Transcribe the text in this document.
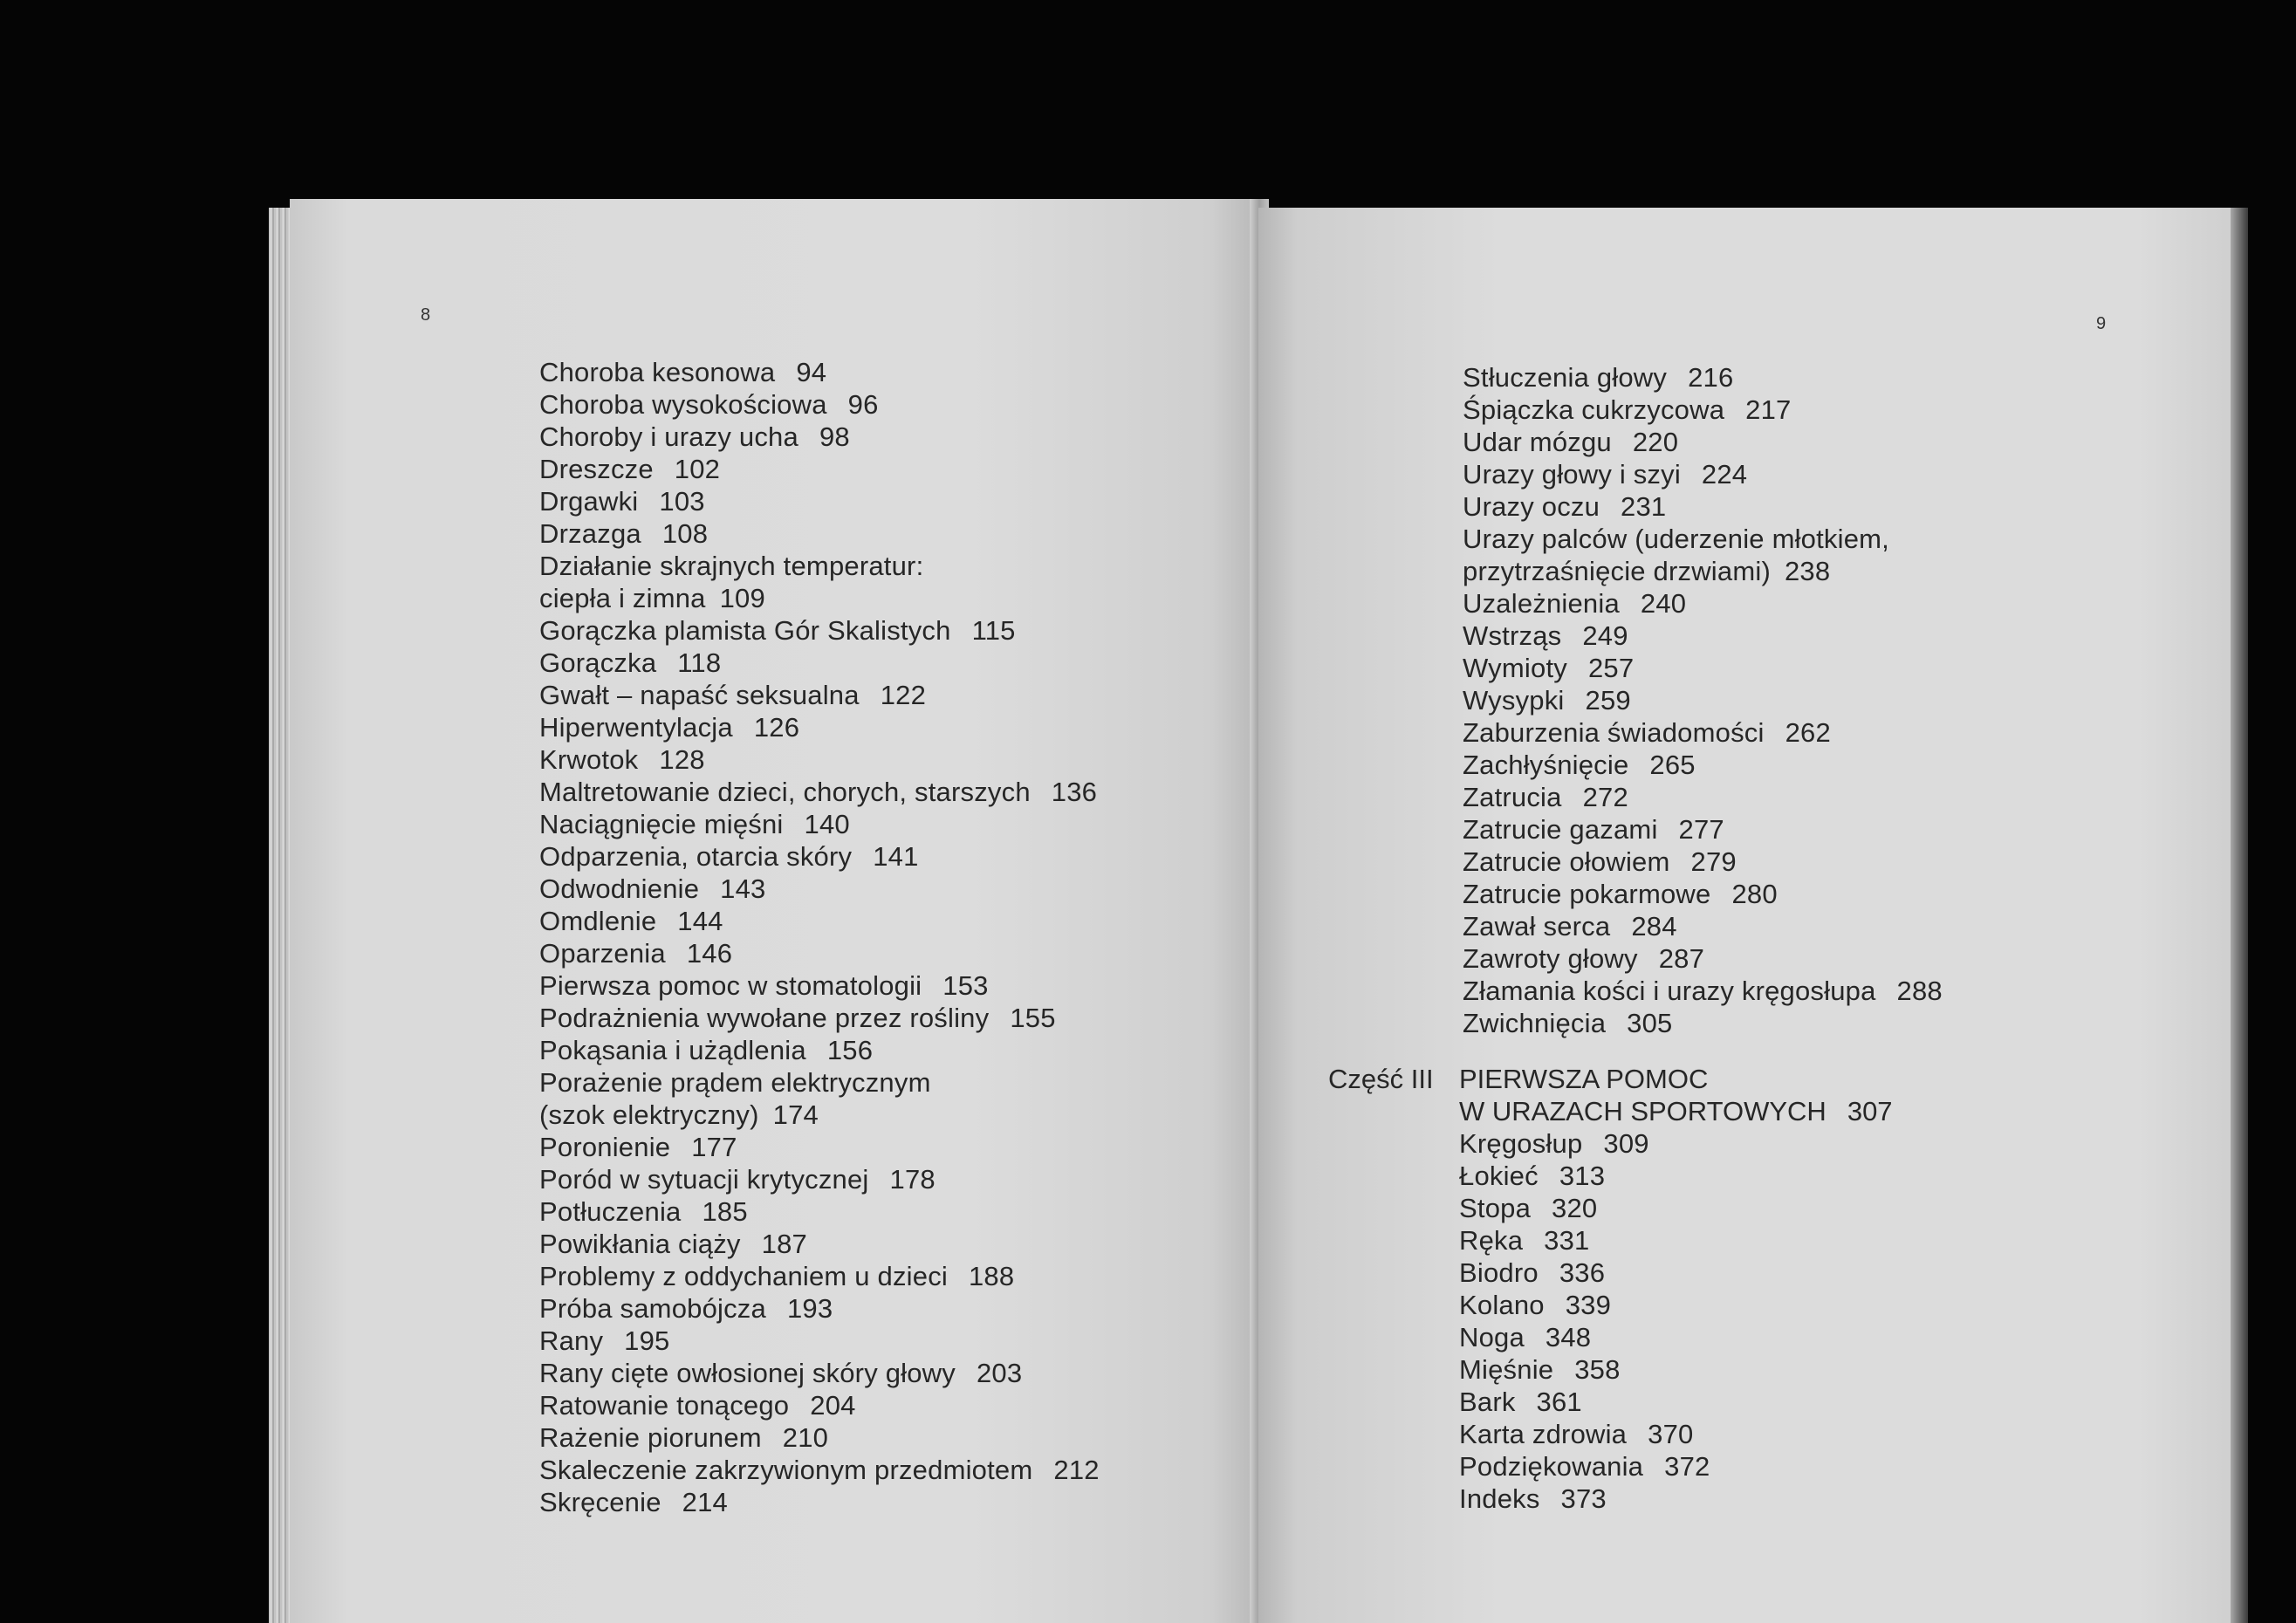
8
Choroba kesonowa 94
Choroba wysokościowa 96
Choroby i urazy ucha 98
Dreszcze 102
Drgawki 103
Drzazga 108
Działanie skrajnych temperatur:
ciepła i zimna 109
Gorączka plamista Gór Skalistych 115
Gorączka 118
Gwałt – napaść seksualna 122
Hiperwentylacja 126
Krwotok 128
Maltretowanie dzieci, chorych, starszych 136
Naciągnięcie mięśni 140
Odparzenia, otarcia skóry 141
Odwodnienie 143
Omdlenie 144
Oparzenia 146
Pierwsza pomoc w stomatologii 153
Podrażnienia wywołane przez rośliny 155
Pokąsania i użądlenia 156
Porażenie prądem elektrycznym
(szok elektryczny) 174
Poronienie 177
Poród w sytuacji krytycznej 178
Potłuczenia 185
Powikłania ciąży 187
Problemy z oddychaniem u dzieci 188
Próba samobójcza 193
Rany 195
Rany cięte owłosionej skóry głowy 203
Ratowanie tonącego 204
Rażenie piorunem 210
Skaleczenie zakrzywionym przedmiotem 212
Skręcenie 214
9
Stłuczenia głowy 216
Śpiączka cukrzycowa 217
Udar mózgu 220
Urazy głowy i szyi 224
Urazy oczu 231
Urazy palców (uderzenie młotkiem,
przytrzaśnięcie drzwiami) 238
Uzależnienia 240
Wstrząs 249
Wymioty 257
Wysypki 259
Zaburzenia świadomości 262
Zachłyśnięcie 265
Zatrucia 272
Zatrucie gazami 277
Zatrucie ołowiem 279
Zatrucie pokarmowe 280
Zawał serca 284
Zawroty głowy 287
Złamania kości i urazy kręgosłupa 288
Zwichnięcia 305
Część III PIERWSZA POMOC
W URAZACH SPORTOWYCH 307
Kręgosłup 309
Łokieć 313
Stopa 320
Ręka 331
Biodro 336
Kolano 339
Noga 348
Mięśnie 358
Bark 361
Karta zdrowia 370
Podziękowania 372
Indeks 373
